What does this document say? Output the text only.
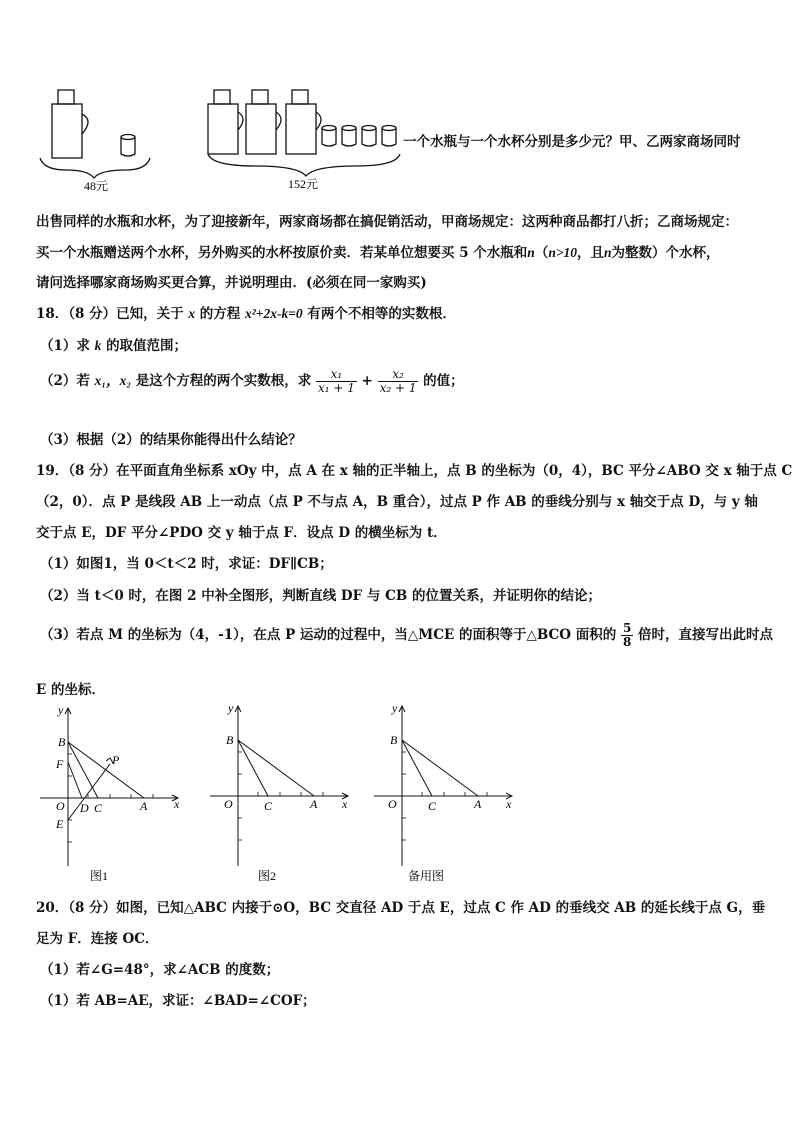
48元	152元
一个水瓶与一个水杯分别是多少元？甲、乙两家商场同时
出售同样的水瓶和水杯，为了迎接新年，两家商场都在搞促销活动，甲商场规定：这两种商品都打八折；乙商场规定：
买一个水瓶赠送两个水杯，另外购买的水杯按原价卖．若某单位想要买 5 个水瓶和n（n>10，且n为整数）个水杯，
请问选择哪家商场购买更合算，并说明理由．(必须在同一家购买)
18．（8 分）已知，关于 x 的方程 x²+2x-k=0 有两个不相等的实数根．
（1）求 k 的取值范围；
（2）若 x₁，x₂ 是这个方程的两个实数根，求 $\frac{\text{x₁}}{\text{x₁ + 1}} + \frac{\text{x₂}}{\text{x₂ + 1}}$ 的值；
（3）根据（2）的结果你能得出什么结论？
19．（8 分）在平面直角坐标系 xOy 中，点 A 在 x 轴的正半轴上，点 B 的坐标为（0，4），BC 平分∠ABO 交 x 轴于点 C
（2，0）．点 P 是线段 AB 上一动点（点 P 不与点 A，B 重合），过点 P 作 AB 的垂线分别与 x 轴交于点 D，与 y 轴
交于点 E，DF 平分∠PDO 交 y 轴于点 F．设点 D 的横坐标为 t．
（1）如图1，当 0＜t＜2 时，求证：DF∥CB；
（2）当 t＜0 时，在图 2 中补全图形，判断直线 DF 与 CB 的位置关系，并证明你的结论；
（3）若点 M 的坐标为（4，-1），在点 P 运动的过程中，当△MCE 的面积等于△BCO 面积的 $\frac{5}{8}$ 倍时，直接写出此时点
E 的坐标．
y
x
B
F	P
O D C	A
E
图1
y
x
B
O	C	A
图2
y
x
B
O	C	A
备用图
20．（8 分）如图，已知△ABC 内接于⊙O，BC 交直径 AD 于点 E，过点 C 作 AD 的垂线交 AB 的延长线于点 G，垂
足为 F．连接 OC．
（1）若∠G=48°，求∠ACB 的度数；
（1）若 AB=AE，求证：∠BAD=∠COF；
